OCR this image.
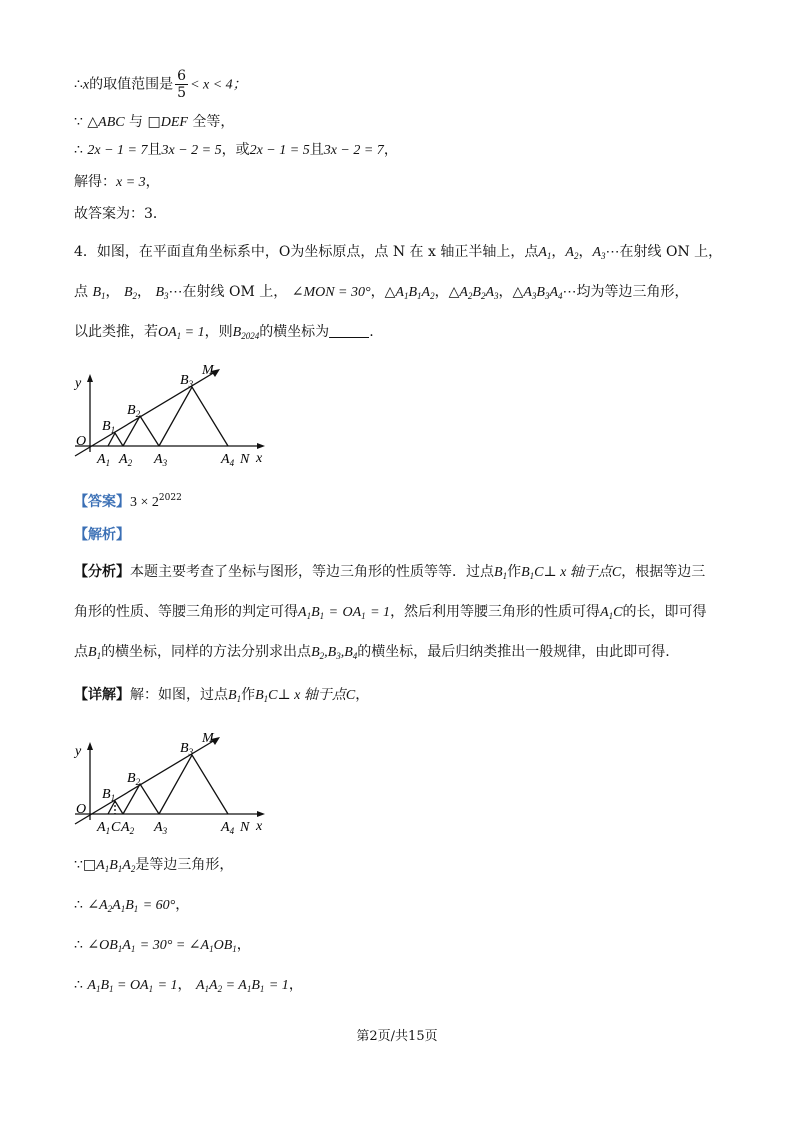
∴x的取值范围是 $\frac{6}{5} < x < 4$；
∵ △ABC 与 □DEF 全等，
∴ 2x − 1 = 7且3x − 2 = 5，或2x − 1 = 5且3x − 2 = 7，
解得：x = 3，
故答案为：3．
4．如图，在平面直角坐标系中，O为坐标原点，点 N 在 x 轴正半轴上，点$A_1$，$A_2$，$A_3\cdots$在射线 ON 上，
点 $B_1$， $B_2$， $B_3\cdots$在射线 OM 上， ∠MON = 30°，$\triangle A_1B_1A_2$，$\triangle A_2B_2A_3$，$\triangle A_3B_3A_4\cdots$均为等边三角形，
以此类推，若$OA_1 = 1$，则$B_{2024}$的横坐标为	.
y
O
x
N
M
$B_1$
$B_2$
$B_3$
$A_1$ $A_2$ $A_3$	$A_4$
【答案】$3 \times 2^{2022}$
【解析】
【分析】本题主要考查了坐标与图形，等边三角形的性质等等．过点$B_1$作$B_1C\perp$ x 轴于点C，根据等边三
角形的性质、等腰三角形的判定可得$A_1B_1 = OA_1 = 1$，然后利用等腰三角形的性质可得$A_1C$的长，即可得
点$B_1$的横坐标，同样的方法分别求出点$B_2,B_3,B_4$的横坐标，最后归纳类推出一般规律，由此即可得.
【详解】解：如图，过点$B_1$作$B_1C\perp$ x 轴于点C，
y
O
x
N
M
$B_1$
$B_2$
$B_3$
$A_1$ C $A_2$ $A_3$	$A_4$
$\because□A_1B_1A_2$是等边三角形，
∴ $\angle A_2A_1B_1 = 60^\circ$，
∴ $\angle OB_1A_1 = 30^\circ$ = $\angle A_1OB_1$，
∴ $A_1B_1 = OA_1 = 1$， $A_1A_2 = A_1B_1 = 1$，
第2页/共15页
